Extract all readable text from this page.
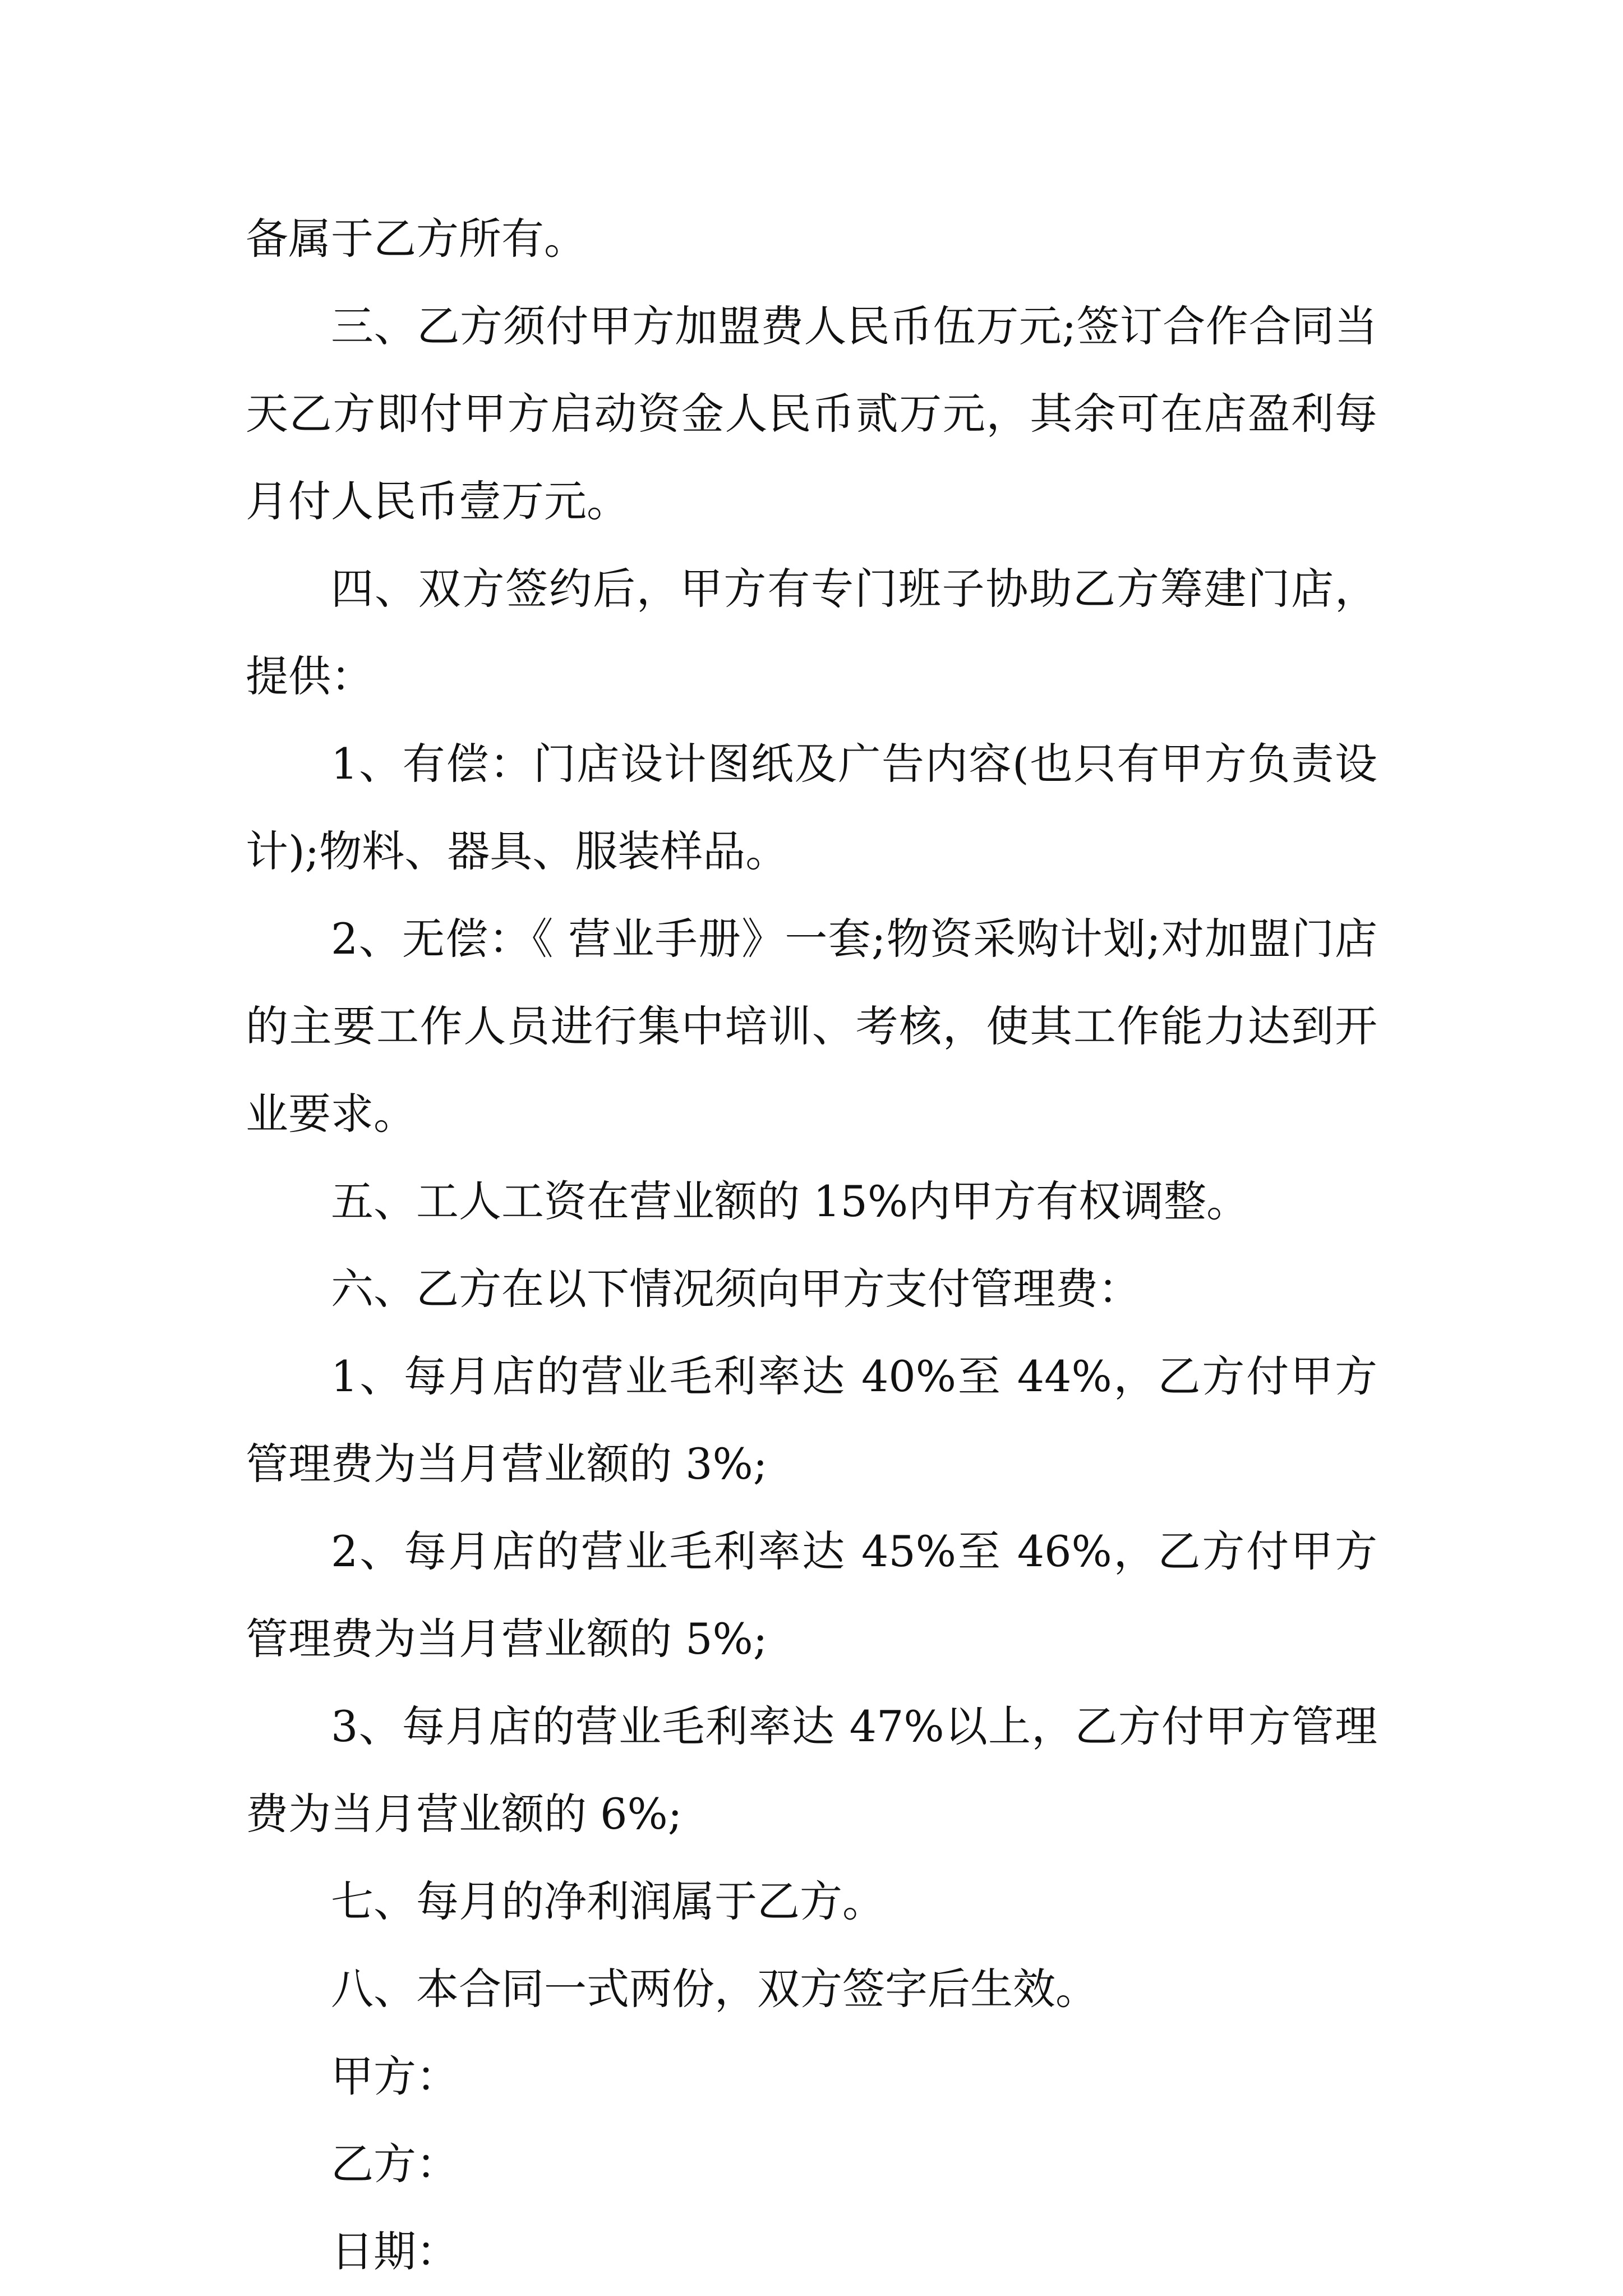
备属于乙方所有。

三、乙方须付甲方加盟费人民币伍万元;签订合作合同当天乙方即付甲方启动资金人民币贰万元，其余可在店盈利每月付人民币壹万元。

四、双方签约后，甲方有专门班子协助乙方筹建门店，提供：

1、有偿：门店设计图纸及广告内容(也只有甲方负责设计);物料、器具、服装样品。

2、无偿：《 营业手册》一套;物资采购计划;对加盟门店的主要工作人员进行集中培训、考核，使其工作能力达到开业要求。

五、工人工资在营业额的 15%内甲方有权调整。

六、乙方在以下情况须向甲方支付管理费：

1、每月店的营业毛利率达 40%至 44%，乙方付甲方管理费为当月营业额的 3%;

2、每月店的营业毛利率达 45%至 46%，乙方付甲方管理费为当月营业额的 5%;

3、每月店的营业毛利率达 47%以上，乙方付甲方管理费为当月营业额的 6%;

七、每月的净利润属于乙方。

八、本合同一式两份，双方签字后生效。

甲方：

乙方：

日期：
